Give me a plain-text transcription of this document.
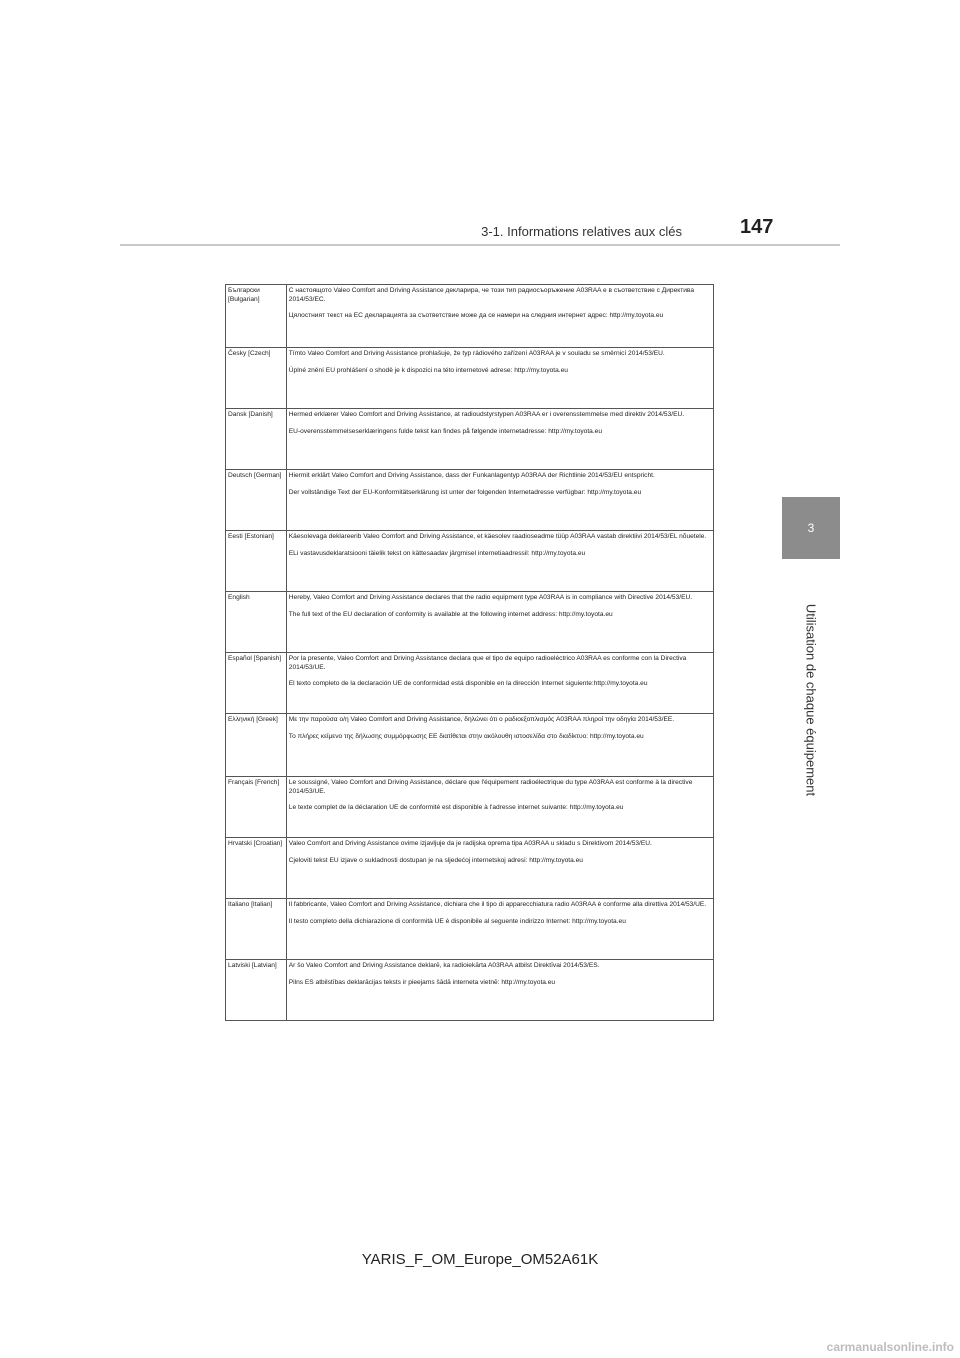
3-1. Informations relatives aux clés	147
3
Utilisation de chaque équipement
Български [Bulgarian]	С настоящото Valeo Comfort and Driving Assistance декларира, че този тип радиосъоръжение A03RAA е в съответствие с Директива 2014/53/ЕС.
Цялостният текст на ЕС декларацията за съответствие може да се намери на следния интернет адрес: http://my.toyota.eu

Česky [Czech]	Tímto Valeo Comfort and Driving Assistance prohlašuje, že typ rádiového zařízení A03RAA je v souladu se směrnicí 2014/53/EU.
Úplné znění EU prohlášení o shodě je k dispozici na této internetové adrese: http://my.toyota.eu

Dansk [Danish]	Hermed erklærer Valeo Comfort and Driving Assistance, at radioudstyrstypen A03RAA er i overensstemmelse med direktiv 2014/53/EU.
EU-overensstemmelseserklæringens fulde tekst kan findes på følgende internetadresse: http://my.toyota.eu

Deutsch [German]	Hiermit erklärt Valeo Comfort and Driving Assistance, dass der Funkanlagentyp A03RAA der Richtlinie 2014/53/EU entspricht.
Der vollständige Text der EU-Konformitätserklärung ist unter der folgenden Internetadresse verfügbar: http://my.toyota.eu

Eesti [Estonian]	Käesolevaga deklareerib Valeo Comfort and Driving Assistance, et käesolev raadioseadme tüüp A03RAA vastab direktiivi 2014/53/EL nõuetele.
ELi vastavusdeklaratsiooni täielik tekst on kättesaadav järgmisel internetiaadressil: http://my.toyota.eu

English	Hereby, Valeo Comfort and Driving Assistance declares that the radio equipment type A03RAA is in compliance with Directive 2014/53/EU.
The full text of the EU declaration of conformity is available at the following internet address: http://my.toyota.eu

Español [Spanish]	Por la presente, Valeo Comfort and Driving Assistance declara que el tipo de equipo radioeléctrico A03RAA es conforme con la Directiva 2014/53/UE.
El texto completo de la declaración UE de conformidad está disponible en la dirección Internet siguiente:http://my.toyota.eu

Ελληνική [Greek]	Με την παρούσα ο/η Valeo Comfort and Driving Assistance, δηλώνει ότι ο ραδιοεξοπλισμός A03RAA πληροί την οδηγία 2014/53/ΕΕ.
Το πλήρες κείμενο της δήλωσης συμμόρφωσης ΕΕ διατίθεται στην ακόλουθη ιστοσελίδα στο διαδίκτυο: http://my.toyota.eu

Français [French]	Le soussigné, Valeo Comfort and Driving Assistance, déclare que l'équipement radioélectrique du type A03RAA est conforme à la directive 2014/53/UE.
Le texte complet de la déclaration UE de conformité est disponible à l'adresse internet suivante: http://my.toyota.eu

Hrvatski [Croatian]	Valeo Comfort and Driving Assistance ovime izjavljuje da je radijska oprema tipa A03RAA u skladu s Direktivom 2014/53/EU.
Cjeloviti tekst EU izjave o sukladnosti dostupan je na sljedećoj internetskoj adresi: http://my.toyota.eu

Italiano [Italian]	Il fabbricante, Valeo Comfort and Driving Assistance, dichiara che il tipo di apparecchiatura radio A03RAA è conforme alla direttiva 2014/53/UE.
Il testo completo della dichiarazione di conformità UE è disponibile al seguente indirizzo Internet: http://my.toyota.eu

Latviski [Latvian]	Ar šo Valeo Comfort and Driving Assistance deklarē, ka radioiekārta A03RAA atbilst Direktīvai 2014/53/ES.
Pilns ES atbilstības deklarācijas teksts ir pieejams šādā interneta vietnē: http://my.toyota.eu
YARIS_F_OM_Europe_OM52A61K
carmanualsonline.info
